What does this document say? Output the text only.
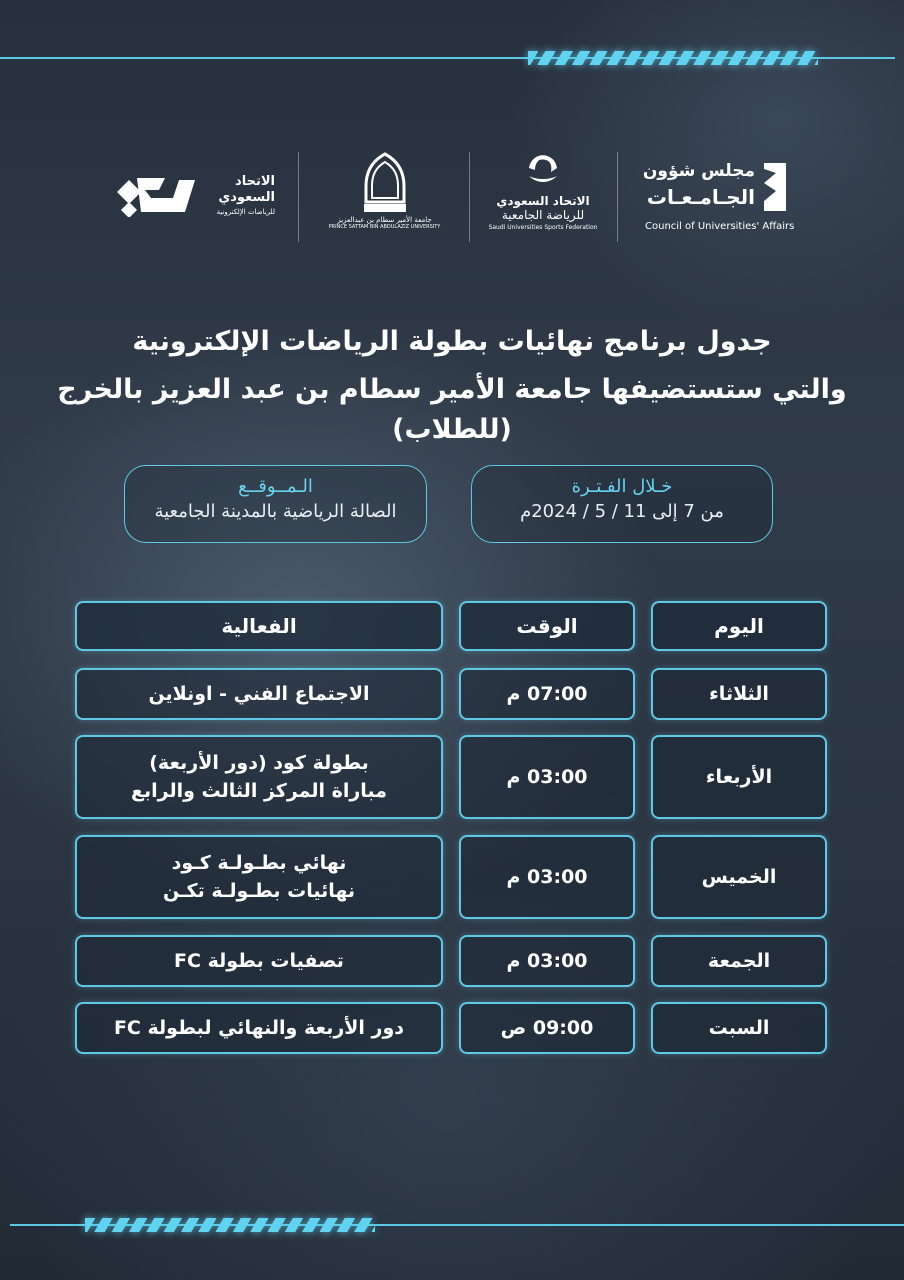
مجلس شؤون
الجـامـعـات
Council of Universities' Affairs
الاتحاد السعودي
للرياضة الجامعية
Saudi Universities Sports Federation
جامعة الأمير سطام بن عبدالعزيز
PRINCE SATTAM BIN ABDULAZIZ UNIVERSITY
الاتحاد
السعودي
للرياضات الإلكترونية
جدول برنامج نهائيات بطولة الرياضات الإلكترونية
والتي ستستضيفها جامعة الأمير سطام بن عبد العزيز بالخرج (للطلاب)
خـلال الفـتـرة
من 7 إلى 11 / 5 / 2024م
الـمــوقــع
الصالة الرياضية بالمدينة الجامعية
اليوم
الوقت
الفعالية
الثلاثاء
07:00 م
الاجتماع الفني - اونلاين
الأربعاء
03:00 م
بطولة كود (دور الأربعة)
مباراة المركز الثالث والرابع
الخميس
03:00 م
نهائي بطـولـة كـود
نهائيات بطـولـة تكـن
الجمعة
03:00 م
تصفيات بطولة FC
السبت
09:00 ص
دور الأربعة والنهائي لبطولة FC
